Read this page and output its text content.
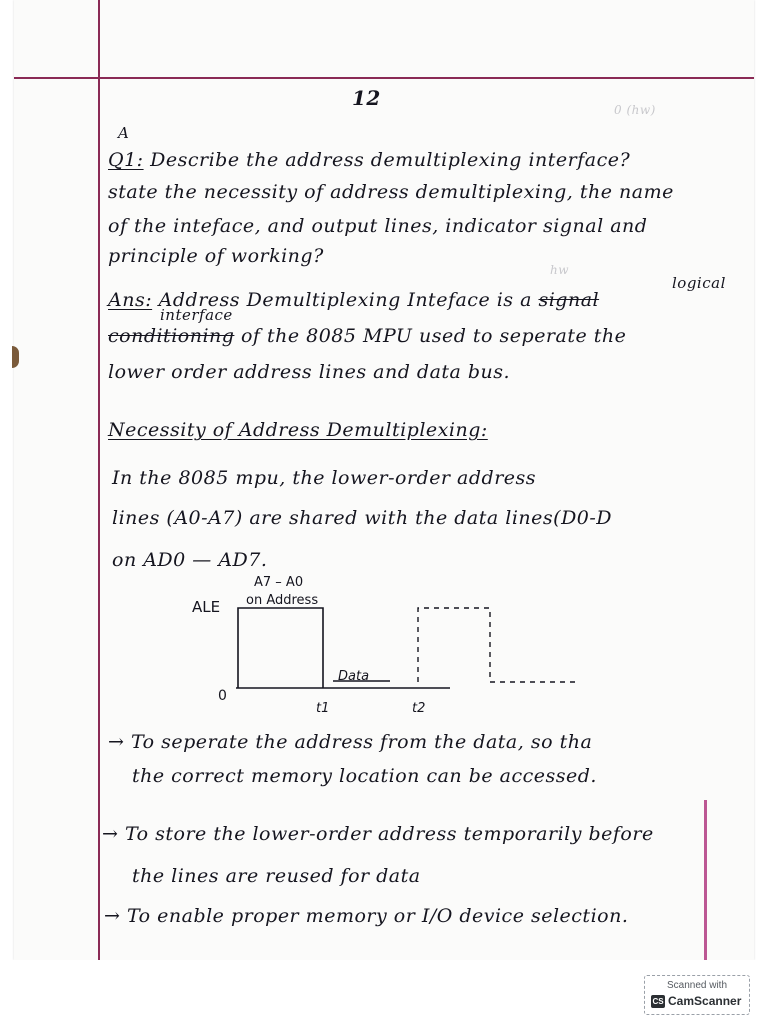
12	0 (hw)
A
Q1: Describe the address demultiplexing interface?
state the necessity of address demultiplexing, the name
of the inteface, and output lines, indicator signal and
principle of working?
hw
logical
Ans: Address Demultiplexing Inteface is a signal
interface
conditioning of the 8085 MPU used to seperate the
lower order address lines and data bus.
Necessity of Address Demultiplexing:
In the 8085 mpu, the lower-order address
lines (A0-A7) are shared with the data lines(D0-D
on AD0 — AD7.
ALE
A7 – A0
on Address
0
Data
t1	t2
→ To seperate the address from the data, so tha
the correct memory location can be accessed.
→ To store the lower-order address temporarily before
the lines are reused for data
→ To enable proper memory or I/O device selection.
Scanned with
CS CamScanner
